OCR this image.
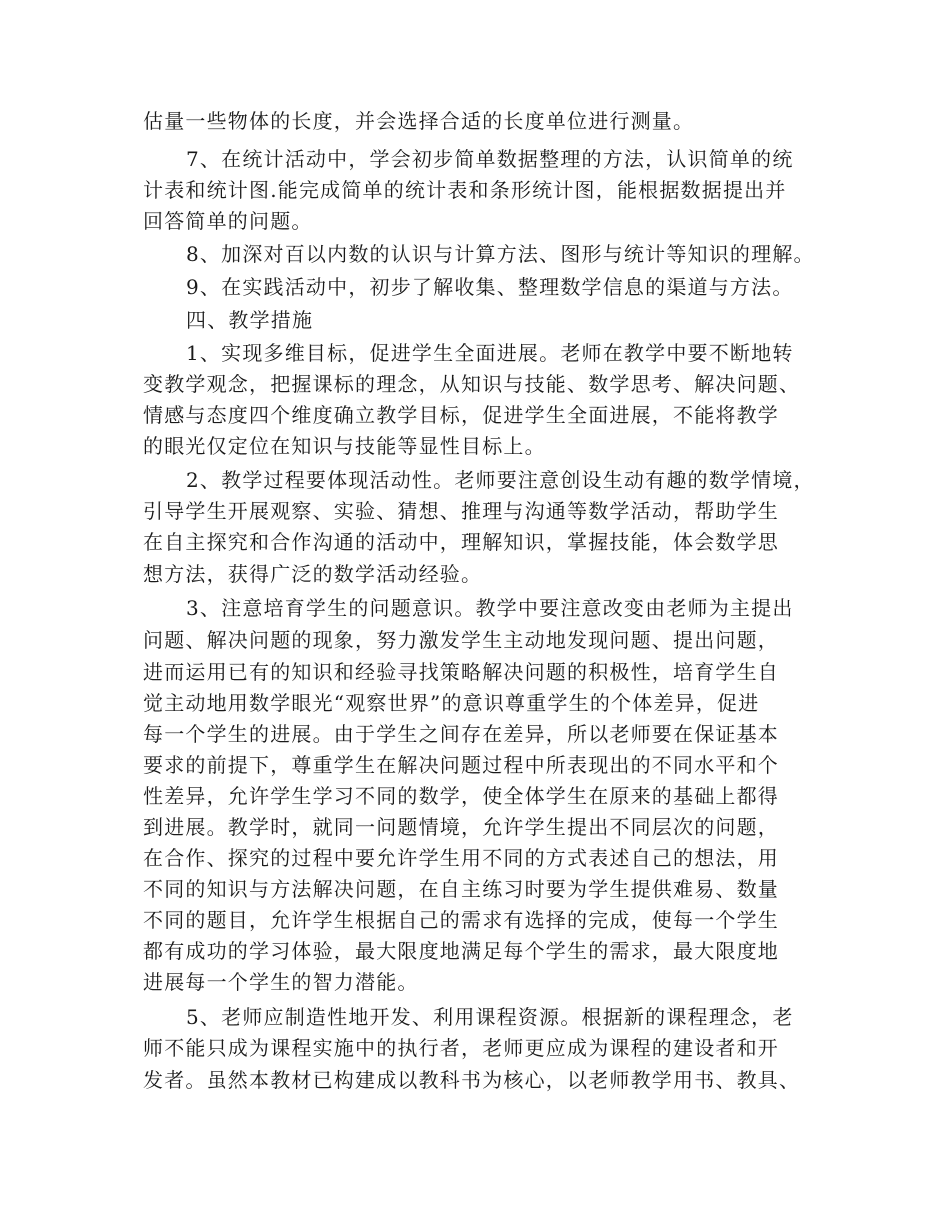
估量一些物体的长度，并会选择合适的长度单位进行测量。
7、在统计活动中，学会初步简单数据整理的方法，认识简单的统
计表和统计图.能完成简单的统计表和条形统计图，能根据数据提出并
回答简单的问题。
8、加深对百以内数的认识与计算方法、图形与统计等知识的理解。
9、在实践活动中，初步了解收集、整理数学信息的渠道与方法。
四、教学措施
1、实现多维目标，促进学生全面进展。老师在教学中要不断地转
变教学观念，把握课标的理念，从知识与技能、数学思考、解决问题、
情感与态度四个维度确立教学目标，促进学生全面进展，不能将教学
的眼光仅定位在知识与技能等显性目标上。
2、教学过程要体现活动性。老师要注意创设生动有趣的数学情境，
引导学生开展观察、实验、猜想、推理与沟通等数学活动，帮助学生
在自主探究和合作沟通的活动中，理解知识，掌握技能，体会数学思
想方法，获得广泛的数学活动经验。
3、注意培育学生的问题意识。教学中要注意改变由老师为主提出
问题、解决问题的现象，努力激发学生主动地发现问题、提出问题，
进而运用已有的知识和经验寻找策略解决问题的积极性，培育学生自
觉主动地用数学眼光“观察世界”的意识尊重学生的个体差异，促进
每一个学生的进展。由于学生之间存在差异，所以老师要在保证基本
要求的前提下，尊重学生在解决问题过程中所表现出的不同水平和个
性差异，允许学生学习不同的数学，使全体学生在原来的基础上都得
到进展。教学时，就同一问题情境，允许学生提出不同层次的问题，
在合作、探究的过程中要允许学生用不同的方式表述自己的想法，用
不同的知识与方法解决问题，在自主练习时要为学生提供难易、数量
不同的题目，允许学生根据自己的需求有选择的完成，使每一个学生
都有成功的学习体验，最大限度地满足每个学生的需求，最大限度地
进展每一个学生的智力潜能。
5、老师应制造性地开发、利用课程资源。根据新的课程理念，老
师不能只成为课程实施中的执行者，老师更应成为课程的建设者和开
发者。虽然本教材已构建成以教科书为核心，以老师教学用书、教具、
